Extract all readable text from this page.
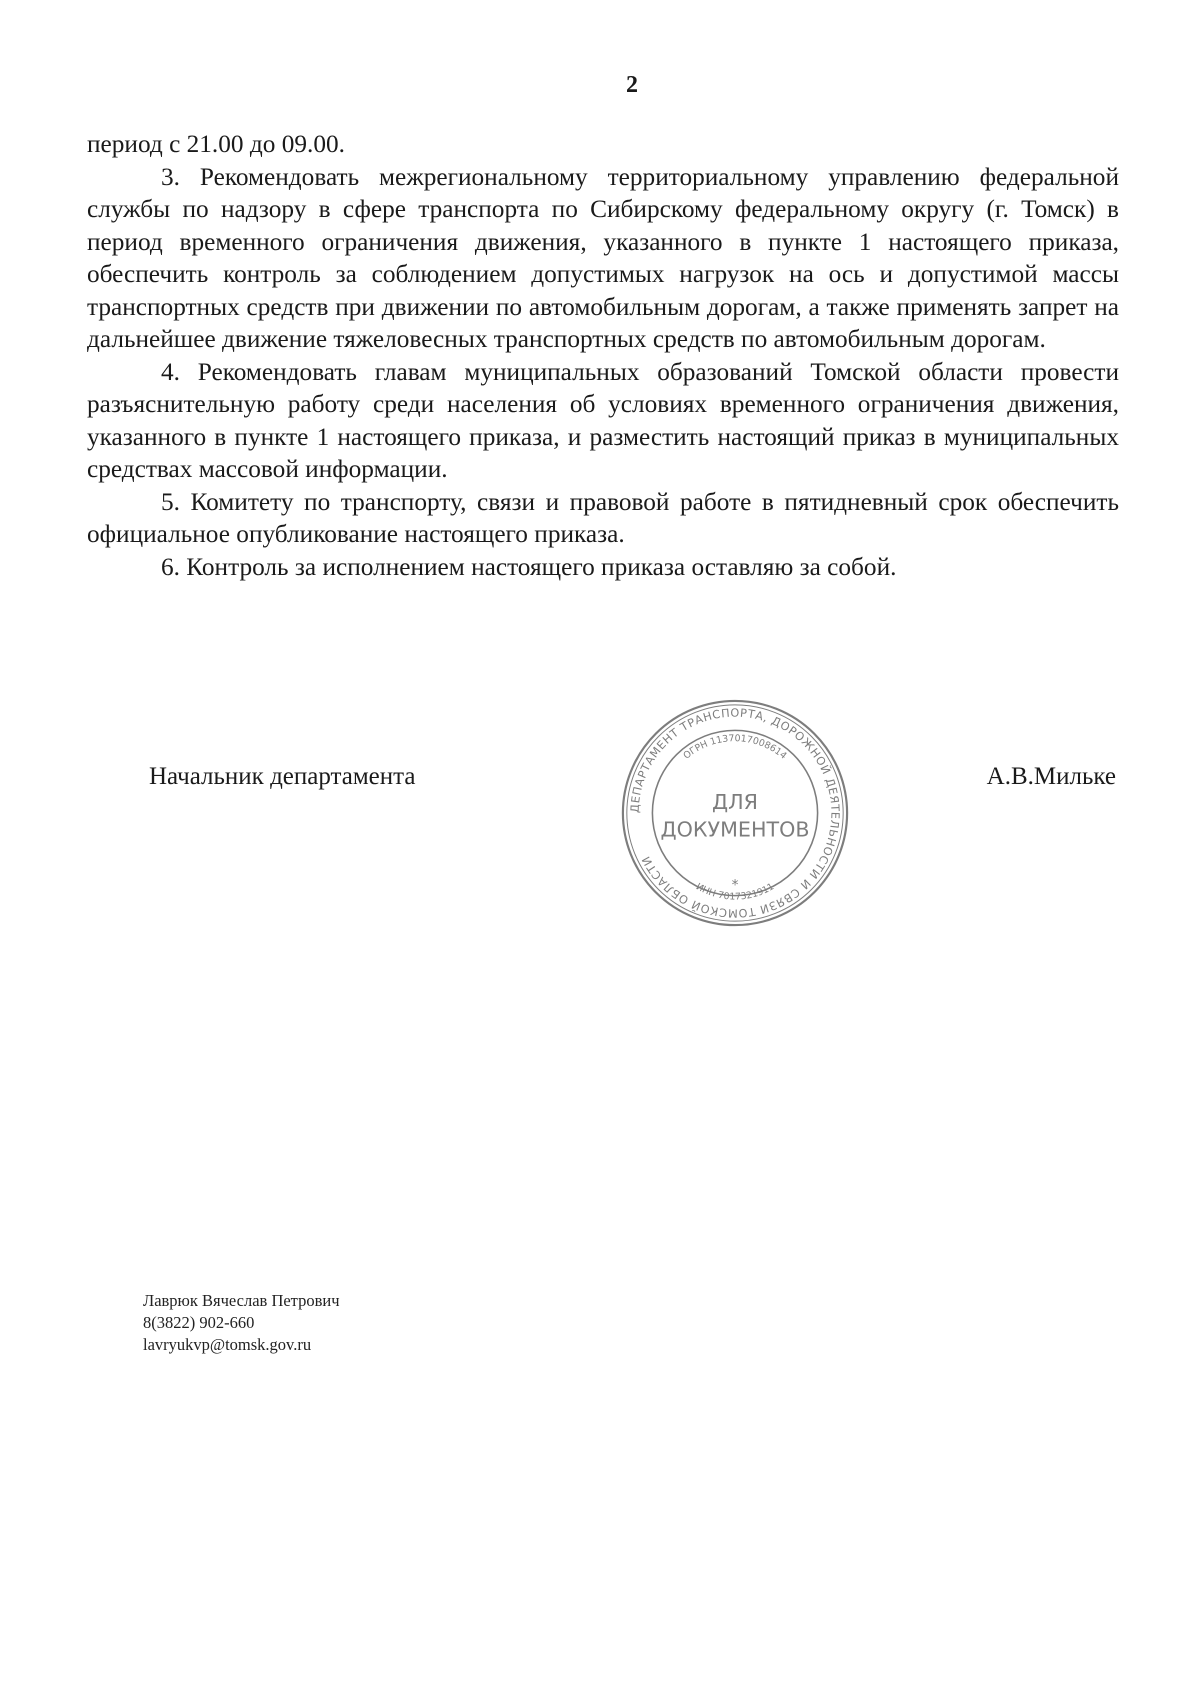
2

период с 21.00 до 09.00.

3. Рекомендовать межрегиональному территориальному управлению федеральной службы по надзору в сфере транспорта по Сибирскому федеральному округу (г. Томск) в период временного ограничения движения, указанного в пункте 1 настоящего приказа, обеспечить контроль за соблюдением допустимых нагрузок на ось и допустимой массы транспортных средств при движении по автомобильным дорогам, а также применять запрет на дальнейшее движение тяжеловесных транспортных средств по автомобильным дорогам.

4. Рекомендовать главам муниципальных образований Томской области провести разъяснительную работу среди населения об условиях временного ограничения движения, указанного в пункте 1 настоящего приказа, и разместить настоящий приказ в муниципальных средствах массовой информации.

5. Комитету по транспорту, связи и правовой работе в пятидневный срок обеспечить официальное опубликование настоящего приказа.

6. Контроль за исполнением настоящего приказа оставляю за собой.

Начальник департамента
ДЕПАРТАМЕНТ ТРАНСПОРТА, ДОРОЖНОЙ ДЕЯТЕЛЬНОСТИ И СВЯЗИ ТОМСКОЙ ОБЛАСТИ
ОГРН 1137017008614
ИНН 7017321911
ДЛЯ
ДОКУМЕНТОВ
*
А.В.Мильке
Лаврюк Вячеслав Петрович
8(3822) 902-660
lavryukvp@tomsk.gov.ru
